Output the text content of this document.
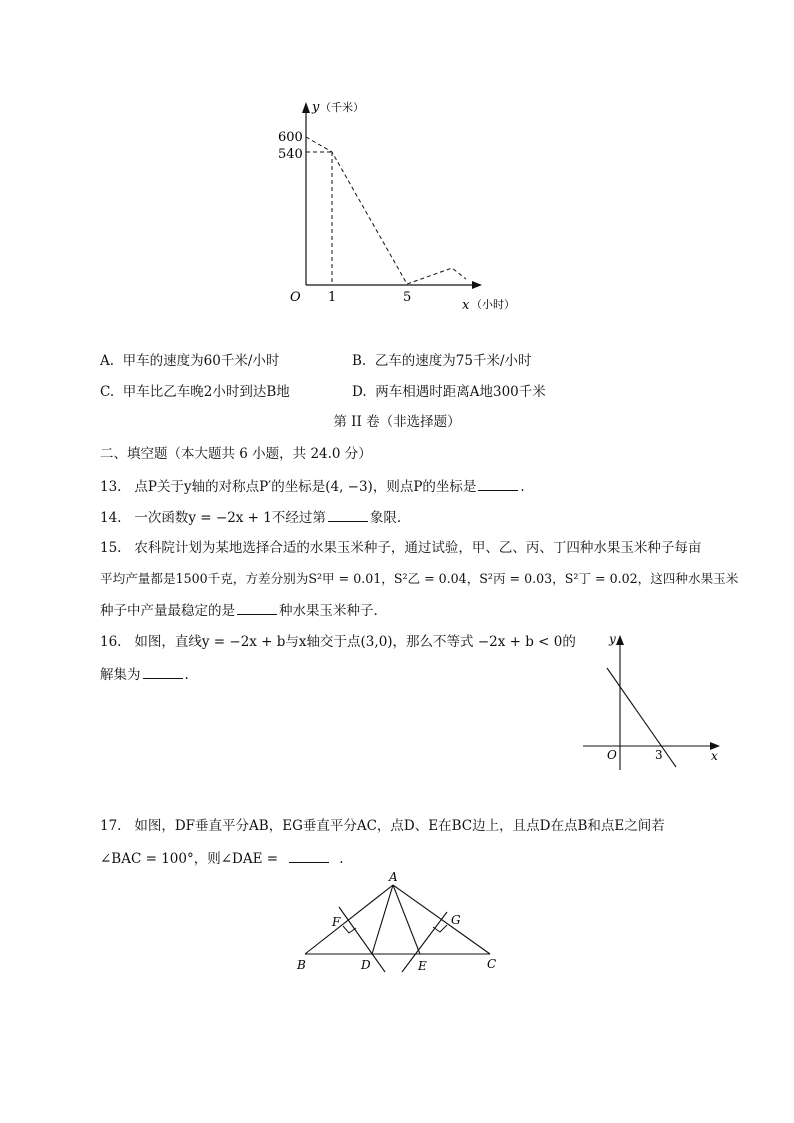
y （千米）
600
540
O 1	5
x （小时）
A. 甲车的速度为60千米/小时	B. 乙车的速度为75千米/小时
C. 甲车比乙车晚2小时到达B地	D. 两车相遇时距离A地300千米
第 II 卷（非选择题）
二、填空题（本大题共 6 小题，共 24.0 分）
13. 点P关于y轴的对称点P′的坐标是(4, −3)，则点P的坐标是	.
14. 一次函数y = −2x + 1不经过第	象限.
15. 农科院计划为某地选择合适的水果玉米种子，通过试验，甲、乙、丙、丁四种水果玉米种子每亩
平均产量都是1500千克，方差分别为S²甲 = 0.01，S²乙 = 0.04，S²丙 = 0.03，S²丁 = 0.02，这四种水果玉米
种子中产量最稳定的是	种水果玉米种子.
16. 如图，直线y = −2x + b与x轴交于点(3,0)，那么不等式 −2x + b < 0的
解集为	.
y
O	3	x
17. 如图，DF垂直平分AB，EG垂直平分AC，点D、E在BC边上，且点D在点B和点E之间若
∠BAC = 100°，则∠DAE =	.
A
F	G
B	D	E	C
